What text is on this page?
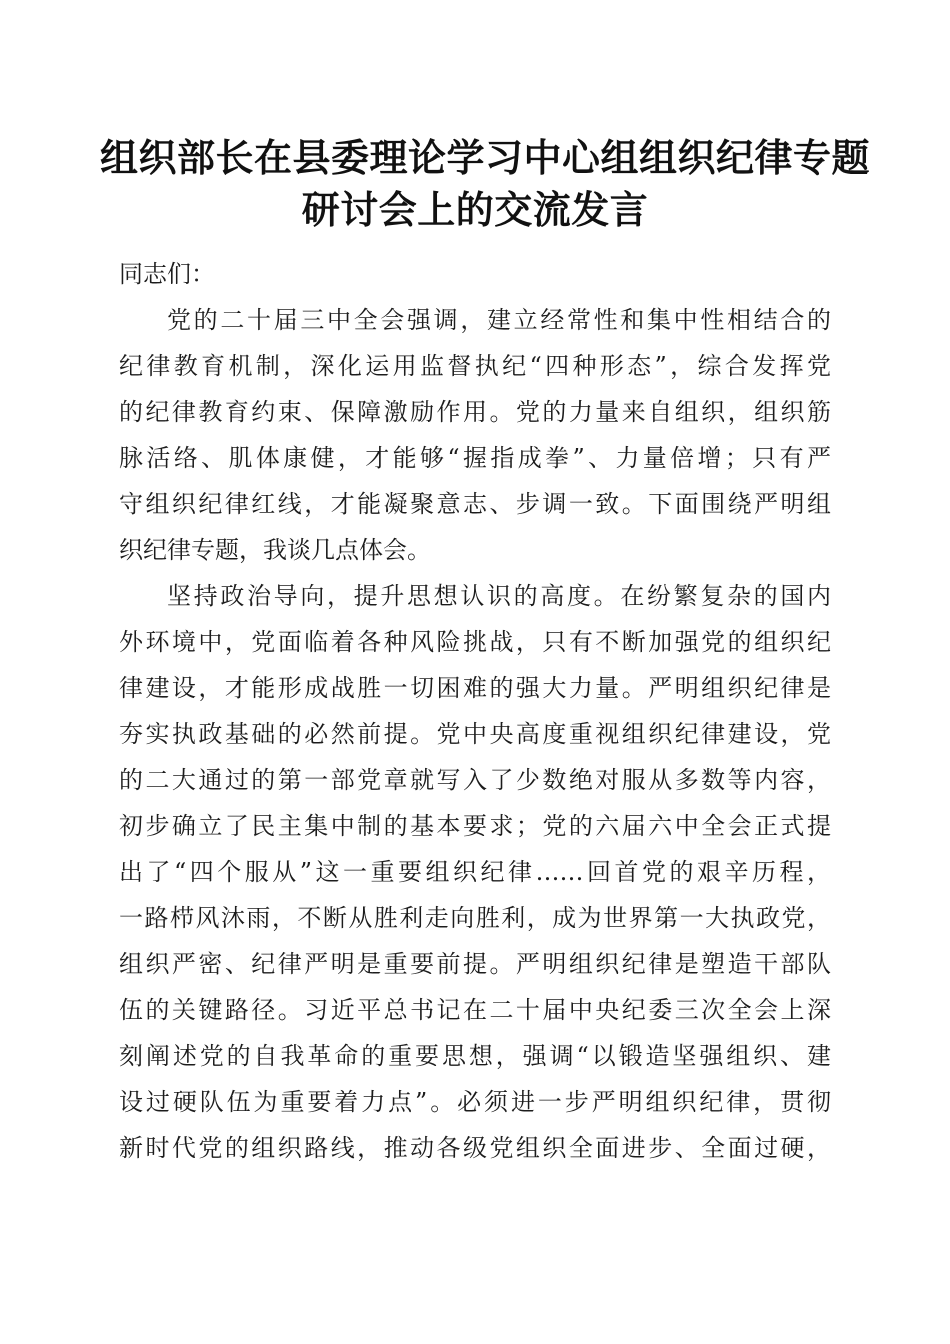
组织部长在县委理论学习中心组组织纪律专题
研讨会上的交流发言
同志们：
党的二十届三中全会强调，建立经常性和集中性相结合的
纪律教育机制，深化运用监督执纪“四种形态”，综合发挥党
的纪律教育约束、保障激励作用。党的力量来自组织，组织筋
脉活络、肌体康健，才能够“握指成拳”、力量倍增；只有严
守组织纪律红线，才能凝聚意志、步调一致。下面围绕严明组
织纪律专题，我谈几点体会。
坚持政治导向，提升思想认识的高度。在纷繁复杂的国内
外环境中，党面临着各种风险挑战，只有不断加强党的组织纪
律建设，才能形成战胜一切困难的强大力量。严明组织纪律是
夯实执政基础的必然前提。党中央高度重视组织纪律建设，党
的二大通过的第一部党章就写入了少数绝对服从多数等内容，
初步确立了民主集中制的基本要求；党的六届六中全会正式提
出了“四个服从”这一重要组织纪律……回首党的艰辛历程，
一路栉风沐雨，不断从胜利走向胜利，成为世界第一大执政党，
组织严密、纪律严明是重要前提。严明组织纪律是塑造干部队
伍的关键路径。习近平总书记在二十届中央纪委三次全会上深
刻阐述党的自我革命的重要思想，强调“以锻造坚强组织、建
设过硬队伍为重要着力点”。必须进一步严明组织纪律，贯彻
新时代党的组织路线，推动各级党组织全面进步、全面过硬，
